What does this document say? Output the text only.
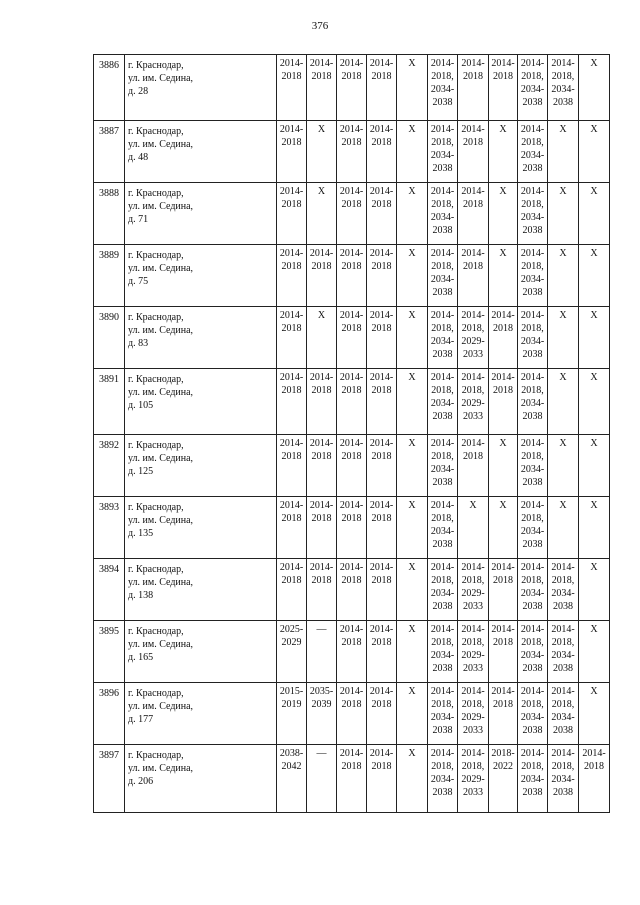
376
3886	г. Краснодар,
ул. им. Седина,
д. 28	2014-
2018	2014-
2018	2014-
2018	2014-
2018	X	2014-
2018,
2034-
2038	2014-
2018	2014-
2018	2014-
2018,
2034-
2038	2014-
2018,
2034-
2038	X
3887	г. Краснодар,
ул. им. Седина,
д. 48	2014-
2018	X	2014-
2018	2014-
2018	X	2014-
2018,
2034-
2038	2014-
2018	X	2014-
2018,
2034-
2038	X	X
3888	г. Краснодар,
ул. им. Седина,
д. 71	2014-
2018	X	2014-
2018	2014-
2018	X	2014-
2018,
2034-
2038	2014-
2018	X	2014-
2018,
2034-
2038	X	X
3889	г. Краснодар,
ул. им. Седина,
д. 75	2014-
2018	2014-
2018	2014-
2018	2014-
2018	X	2014-
2018,
2034-
2038	2014-
2018	X	2014-
2018,
2034-
2038	X	X
3890	г. Краснодар,
ул. им. Седина,
д. 83	2014-
2018	X	2014-
2018	2014-
2018	X	2014-
2018,
2034-
2038	2014-
2018,
2029-
2033	2014-
2018	2014-
2018,
2034-
2038	X	X
3891	г. Краснодар,
ул. им. Седина,
д. 105	2014-
2018	2014-
2018	2014-
2018	2014-
2018	X	2014-
2018,
2034-
2038	2014-
2018,
2029-
2033	2014-
2018	2014-
2018,
2034-
2038	X	X
3892	г. Краснодар,
ул. им. Седина,
д. 125	2014-
2018	2014-
2018	2014-
2018	2014-
2018	X	2014-
2018,
2034-
2038	2014-
2018	X	2014-
2018,
2034-
2038	X	X
3893	г. Краснодар,
ул. им. Седина,
д. 135	2014-
2018	2014-
2018	2014-
2018	2014-
2018	X	2014-
2018,
2034-
2038	X	X	2014-
2018,
2034-
2038	X	X
3894	г. Краснодар,
ул. им. Седина,
д. 138	2014-
2018	2014-
2018	2014-
2018	2014-
2018	X	2014-
2018,
2034-
2038	2014-
2018,
2029-
2033	2014-
2018	2014-
2018,
2034-
2038	2014-
2018,
2034-
2038	X
3895	г. Краснодар,
ул. им. Седина,
д. 165	2025-
2029	—	2014-
2018	2014-
2018	X	2014-
2018,
2034-
2038	2014-
2018,
2029-
2033	2014-
2018	2014-
2018,
2034-
2038	2014-
2018,
2034-
2038	X
3896	г. Краснодар,
ул. им. Седина,
д. 177	2015-
2019	2035-
2039	2014-
2018	2014-
2018	X	2014-
2018,
2034-
2038	2014-
2018,
2029-
2033	2014-
2018	2014-
2018,
2034-
2038	2014-
2018,
2034-
2038	X
3897	г. Краснодар,
ул. им. Седина,
д. 206	2038-
2042	—	2014-
2018	2014-
2018	X	2014-
2018,
2034-
2038	2014-
2018,
2029-
2033	2018-
2022	2014-
2018,
2034-
2038	2014-
2018,
2034-
2038	2014-
2018
